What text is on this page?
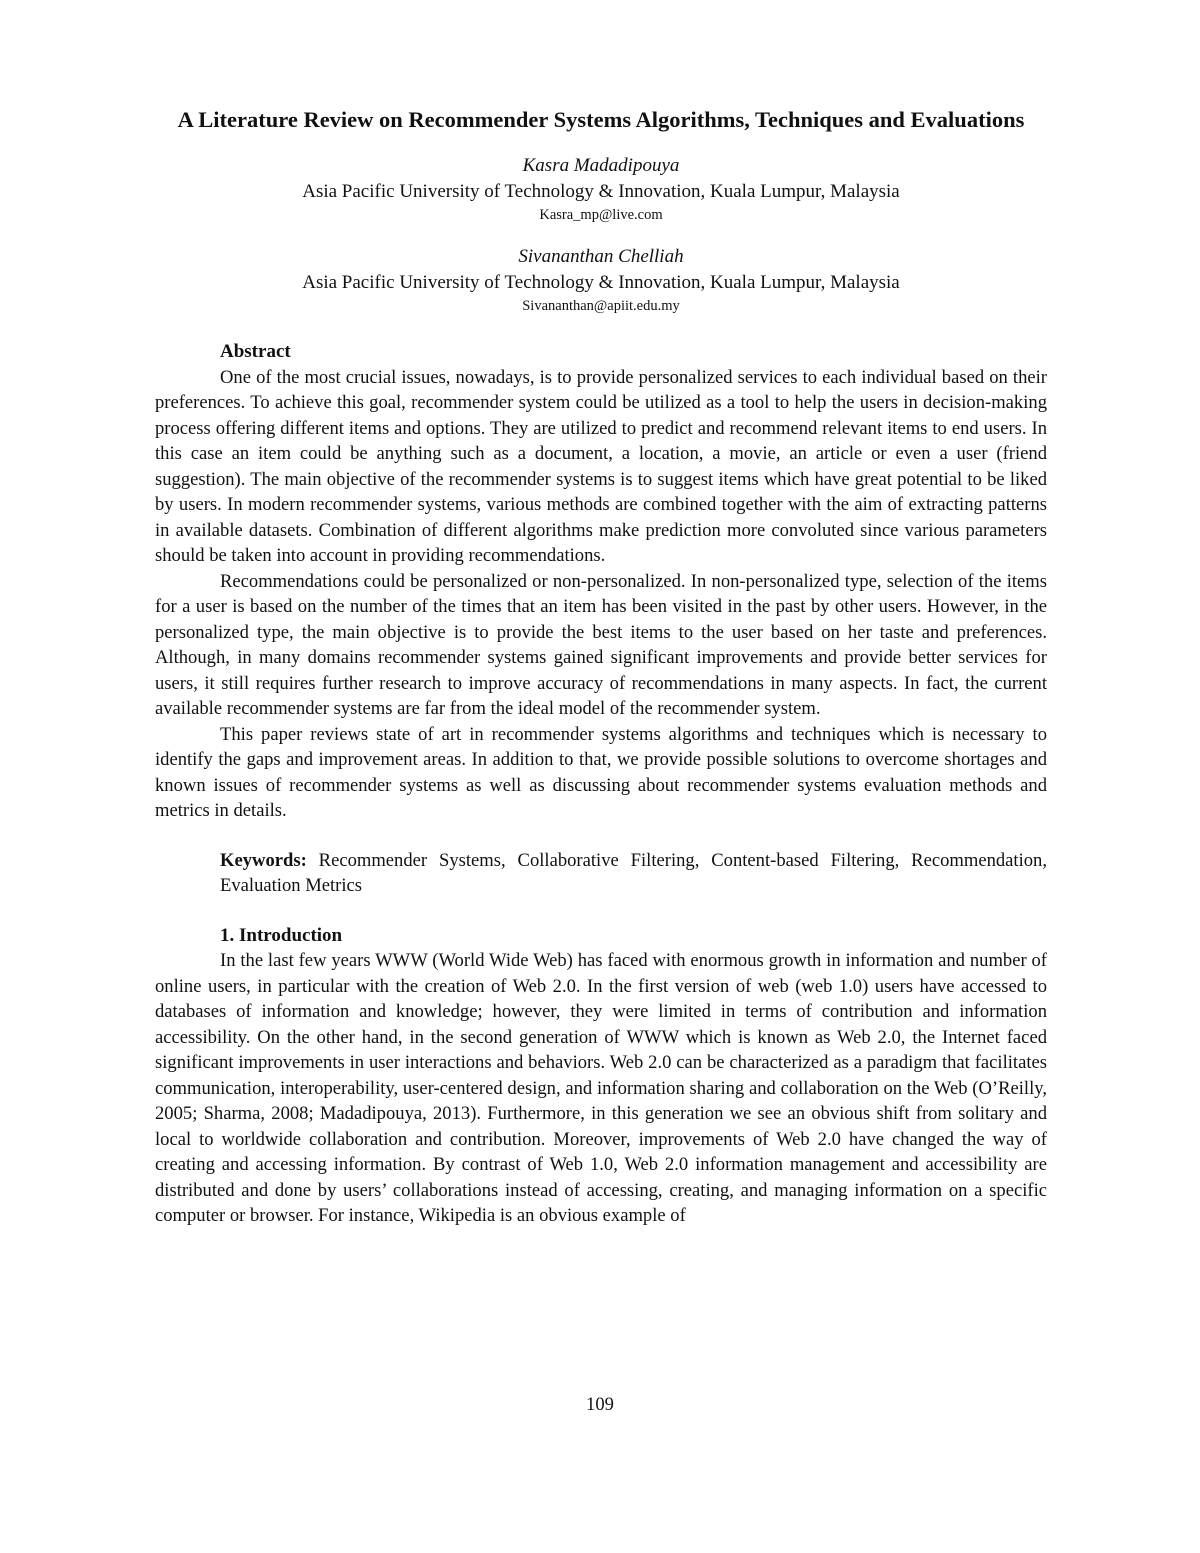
A Literature Review on Recommender Systems Algorithms, Techniques and Evaluations
Kasra Madadipouya
Asia Pacific University of Technology & Innovation, Kuala Lumpur, Malaysia
Kasra_mp@live.com
Sivananthan Chelliah
Asia Pacific University of Technology & Innovation, Kuala Lumpur, Malaysia
Sivananthan@apiit.edu.my
Abstract

One of the most crucial issues, nowadays, is to provide personalized services to each individual based on their preferences. To achieve this goal, recommender system could be utilized as a tool to help the users in decision-making process offering different items and options. They are utilized to predict and recommend relevant items to end users. In this case an item could be anything such as a document, a location, a movie, an article or even a user (friend suggestion). The main objective of the recommender systems is to suggest items which have great potential to be liked by users. In modern recommender systems, various methods are combined together with the aim of extracting patterns in available datasets. Combination of different algorithms make prediction more convoluted since various parameters should be taken into account in providing recommendations.

Recommendations could be personalized or non-personalized. In non-personalized type, selection of the items for a user is based on the number of the times that an item has been visited in the past by other users. However, in the personalized type, the main objective is to provide the best items to the user based on her taste and preferences. Although, in many domains recommender systems gained significant improvements and provide better services for users, it still requires further research to improve accuracy of recommendations in many aspects. In fact, the current available recommender systems are far from the ideal model of the recommender system.

This paper reviews state of art in recommender systems algorithms and techniques which is necessary to identify the gaps and improvement areas. In addition to that, we provide possible solutions to overcome shortages and known issues of recommender systems as well as discussing about recommender systems evaluation methods and metrics in details.

Keywords: Recommender Systems, Collaborative Filtering, Content-based Filtering, Recommendation, Evaluation Metrics
1. Introduction

In the last few years WWW (World Wide Web) has faced with enormous growth in information and number of online users, in particular with the creation of Web 2.0. In the first version of web (web 1.0) users have accessed to databases of information and knowledge; however, they were limited in terms of contribution and information accessibility. On the other hand, in the second generation of WWW which is known as Web 2.0, the Internet faced significant improvements in user interactions and behaviors. Web 2.0 can be characterized as a paradigm that facilitates communication, interoperability, user-centered design, and information sharing and collaboration on the Web (O’Reilly, 2005; Sharma, 2008; Madadipouya, 2013). Furthermore, in this generation we see an obvious shift from solitary and local to worldwide collaboration and contribution. Moreover, improvements of Web 2.0 have changed the way of creating and accessing information. By contrast of Web 1.0, Web 2.0 information management and accessibility are distributed and done by users’ collaborations instead of accessing, creating, and managing information on a specific computer or browser. For instance, Wikipedia is an obvious example of

109
